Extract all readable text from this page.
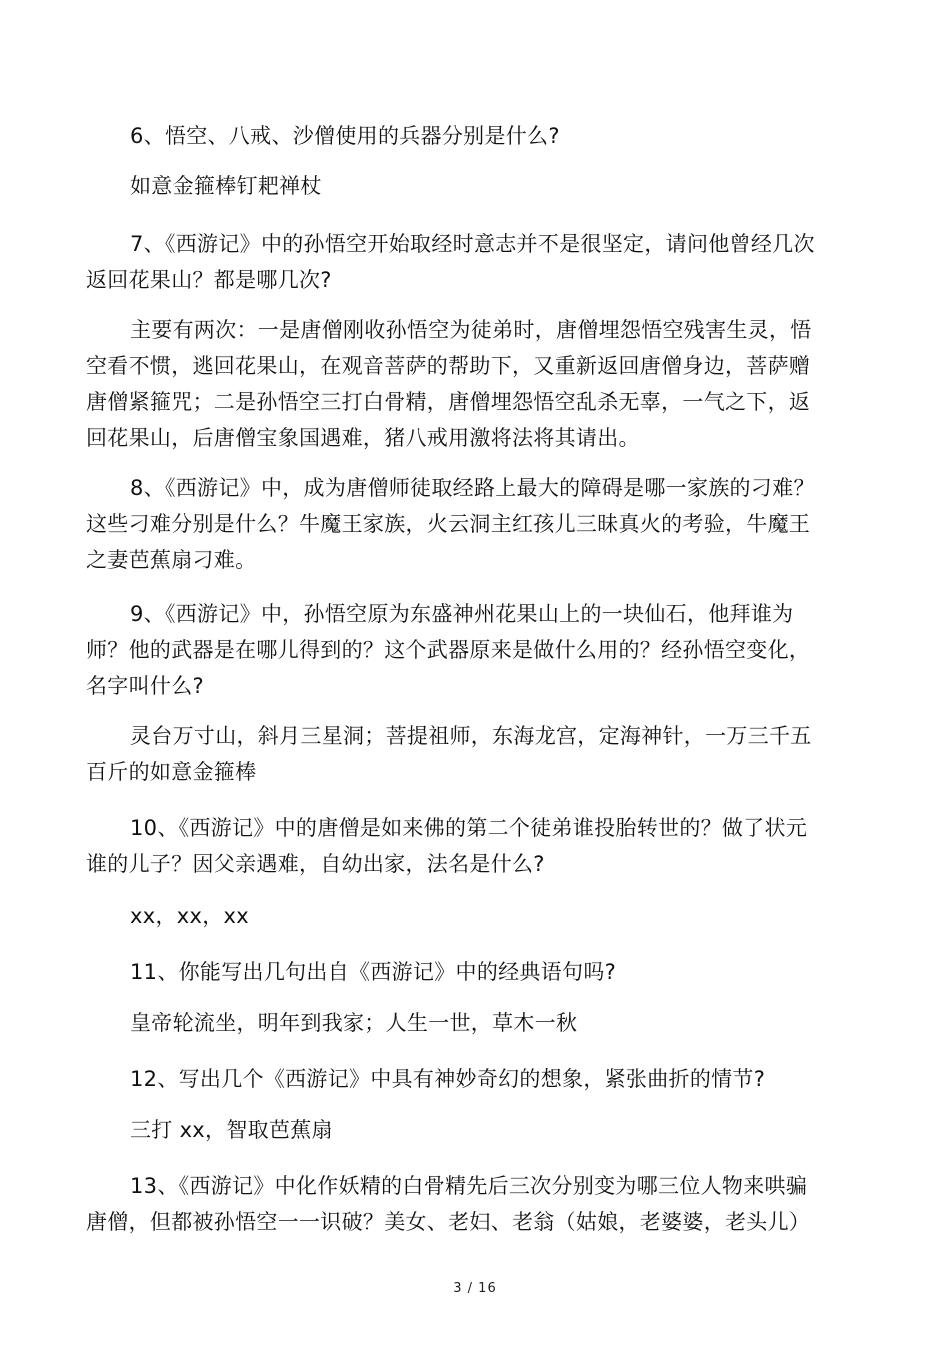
6、悟空、八戒、沙僧使用的兵器分别是什么?

如意金箍棒钉耙禅杖

7、《西游记》中的孙悟空开始取经时意志并不是很坚定，请问他曾经几次返回花果山？都是哪几次?

主要有两次：一是唐僧刚收孙悟空为徒弟时，唐僧埋怨悟空残害生灵，悟空看不惯，逃回花果山，在观音菩萨的帮助下，又重新返回唐僧身边，菩萨赠唐僧紧箍咒；二是孙悟空三打白骨精，唐僧埋怨悟空乱杀无辜，一气之下，返回花果山，后唐僧宝象国遇难，猪八戒用激将法将其请出。

8、《西游记》中，成为唐僧师徒取经路上最大的障碍是哪一家族的刁难？这些刁难分别是什么？牛魔王家族，火云洞主红孩儿三昧真火的考验，牛魔王之妻芭蕉扇刁难。

9、《西游记》中，孙悟空原为东盛神州花果山上的一块仙石，他拜谁为师？他的武器是在哪儿得到的？这个武器原来是做什么用的？经孙悟空变化，名字叫什么?

灵台万寸山，斜月三星洞；菩提祖师，东海龙宫，定海神针，一万三千五百斤的如意金箍棒

10、《西游记》中的唐僧是如来佛的第二个徒弟谁投胎转世的？做了状元谁的儿子？因父亲遇难，自幼出家，法名是什么?

xx，xx，xx

11、你能写出几句出自《西游记》中的经典语句吗?

皇帝轮流坐，明年到我家；人生一世，草木一秋

12、写出几个《西游记》中具有神妙奇幻的想象，紧张曲折的情节?

三打 xx，智取芭蕉扇

13、《西游记》中化作妖精的白骨精先后三次分别变为哪三位人物来哄骗唐僧，但都被孙悟空一一识破？美女、老妇、老翁（姑娘，老婆婆，老头儿）

3 / 16
